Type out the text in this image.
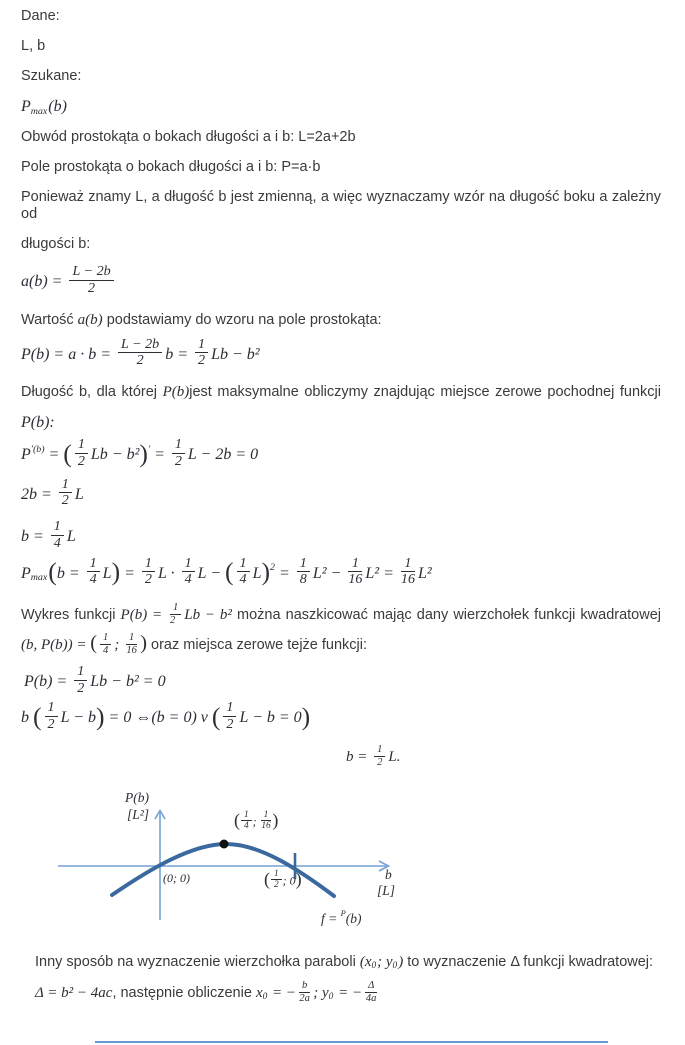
Dane:

L, b

Szukane:

Pmax(b)

Obwód prostokąta o bokach długości a i b: L=2a+2b

Pole prostokąta o bokach długości a i b: P=a·b

Ponieważ znamy L, a długość b jest zmienną, a więc wyznaczamy wzór na długość boku a zależny od

długości b:

$a(b) = \frac{L - 2b}{2}$

Wartość a(b) podstawiamy do wzoru na pole prostokąta:

$P(b) = a \cdot b = \frac{L - 2b}{2}$ $b = \frac{1}{2}$ Lb − b²

Długość b, dla której P(b)jest maksymalne obliczymy znajdując miejsce zerowe pochodnej funkcji

P(b):

$P^{'(b)}$ = ( $\frac{1}{2}$ $Lb - b^2)' = \frac{1}{2}$ L − 2b = 0

$2b = \frac{1}{2}$ L

$b = \frac{1}{4}$ L

$Pmax(b = \frac{1}{4} L) = \frac{1}{2}$ $L \cdot \frac{1}{4}$ L − ( $\frac{1}{4} L)^2 = \frac{1}{8} L^2 - \frac{1}{16} L^2 = \frac{1}{16} L^2$

Wykres funkcji $P(b) = \frac{1}{2}$ Lb − b² można naszkicować mając dany wierzchołek funkcji kwadratowej

(b, P(b)) = ( $\frac{1}{4}$ ; $\frac{1}{16}$ ) oraz miejsca zerowe tejże funkcji:

$P(b) = \frac{1}{2}$ Lb − b² = 0

b ( $\frac{1}{2}$ L − b) = 0 ⇔(b = 0) v ( $\frac{1}{2}$ L − b = 0)

$b = \frac{1}{2} L$.

P(b)
[L²]	( $\frac{1}{4}$ ; $\frac{1}{16}$ )
(0; 0)	( $\frac{1}{2}$ ; 0)	b
[L]
f = $^P$(b)

Inny sposób na wyznaczenie wierzchołka paraboli (x0; y0) to wyznaczenie Δ funkcji kwadratowej:

Δ = b² − 4ac, następnie obliczenie x0 = − $\frac{b}{2a}$ ; y0 = − $\frac{\Delta}{4a}$
